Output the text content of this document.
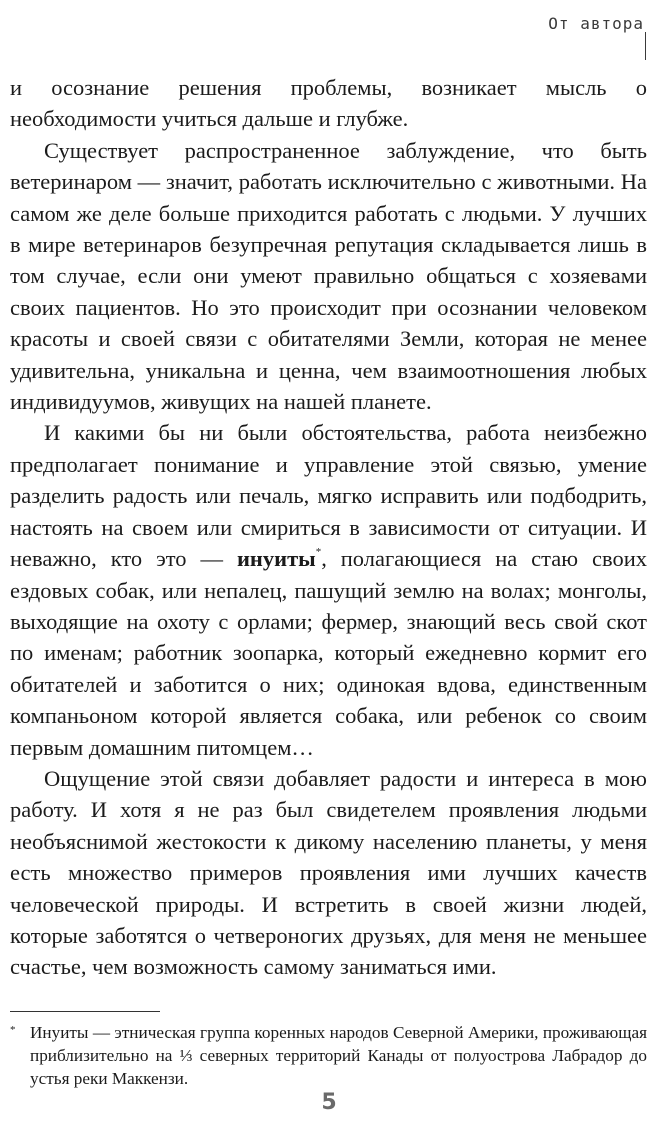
От автора

и осознание решения проблемы, возникает мысль о необходимости учиться дальше и глубже.

Существует распространенное заблуждение, что быть ветеринаром — значит, работать исключительно с животными. На самом же деле больше приходится работать с людьми. У лучших в мире ветеринаров безупречная репутация складывается лишь в том случае, если они умеют правильно общаться с хозяевами своих пациентов. Но это происходит при осознании человеком красоты и своей связи с обитателями Земли, которая не менее удивительна, уникальна и ценна, чем взаимоотношения любых индивидуумов, живущих на нашей планете.

И какими бы ни были обстоятельства, работа неизбежно предполагает понимание и управление этой связью, умение разделить радость или печаль, мягко исправить или подбодрить, настоять на своем или смириться в зависимости от ситуации. И неважно, кто это — инуиты*, полагающиеся на стаю своих ездовых собак, или непалец, пашущий землю на волах; монголы, выходящие на охоту с орлами; фермер, знающий весь свой скот по именам; работник зоопарка, который ежедневно кормит его обитателей и заботится о них; одинокая вдова, единственным компаньоном которой является собака, или ребенок со своим первым домашним питомцем…

Ощущение этой связи добавляет радости и интереса в мою работу. И хотя я не раз был свидетелем проявления людьми необъяснимой жестокости к дикому населению планеты, у меня есть множество примеров проявления ими лучших качеств человеческой природы. И встретить в своей жизни людей, которые заботятся о четвероногих друзьях, для меня не меньшее счастье, чем возможность самому заниматься ими.

* Инуиты — этническая группа коренных народов Северной Америки, проживающая приблизительно на ⅓ северных территорий Канады от полуострова Лабрадор до устья реки Маккензи.
5
